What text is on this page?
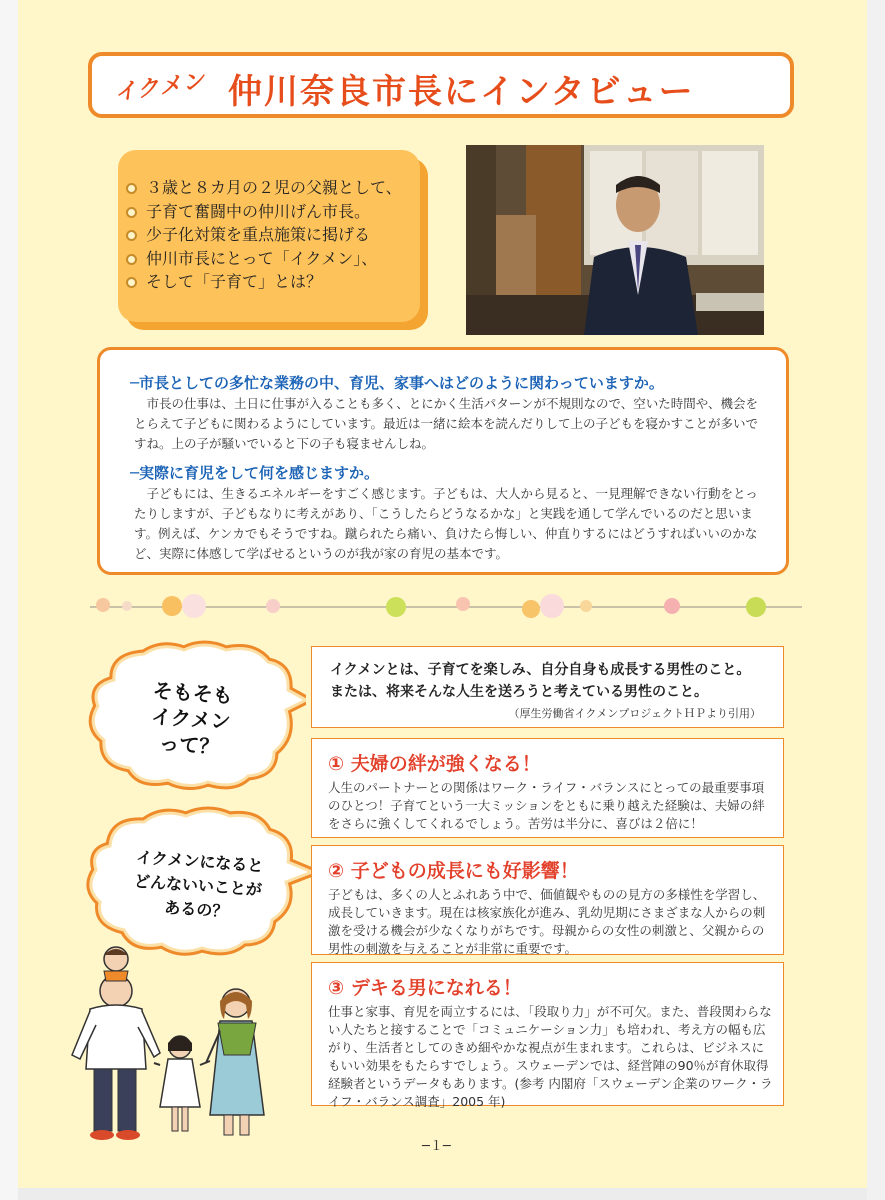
イクメン 仲川奈良市長にインタビュー
３歳と８カ月の２児の父親として、
子育て奮闘中の仲川げん市長。
少子化対策を重点施策に掲げる
仲川市長にとって「イクメン」、
そして「子育て」とは？
─市長としての多忙な業務の中、育児、家事へはどのように関わっていますか。
市長の仕事は、土日に仕事が入ることも多く、とにかく生活パターンが不規則なので、空いた時間や、機会をとらえて子どもに関わるようにしています。最近は一緒に絵本を読んだりして上の子どもを寝かすことが多いですね。上の子が騒いでいると下の子も寝ませんしね。
─実際に育児をして何を感じますか。
子どもには、生きるエネルギーをすごく感じます。子どもは、大人から見ると、一見理解できない行動をとったりしますが、子どもなりに考えがあり、「こうしたらどうなるかな」と実践を通して学んでいるのだと思います。例えば、ケンカでもそうですね。蹴られたら痛い、負けたら悔しい、仲直りするにはどうすればいいのかなど、実際に体感して学ばせるというのが我が家の育児の基本です。
そもそも
イクメン
って？
イクメンになると
どんないいことが
あるの？
イクメンとは、子育てを楽しみ、自分自身も成長する男性のこと。
または、将来そんな人生を送ろうと考えている男性のこと。
（厚生労働省イクメンプロジェクトＨＰより引用）
① 夫婦の絆が強くなる！
人生のパートナーとの関係はワーク・ライフ・バランスにとっての最重要事項のひとつ！子育てという一大ミッションをともに乗り越えた経験は、夫婦の絆をさらに強くしてくれるでしょう。苦労は半分に、喜びは２倍に！
② 子どもの成長にも好影響！
子どもは、多くの人とふれあう中で、価値観やものの見方の多様性を学習し、成長していきます。現在は核家族化が進み、乳幼児期にさまざまな人からの刺激を受ける機会が少なくなりがちです。母親からの女性の刺激と、父親からの男性の刺激を与えることが非常に重要です。
③ デキる男になれる！
仕事と家事、育児を両立するには､「段取り力」が不可欠。また、普段関わらない人たちと接することで「コミュニケーション力」も培われ、考え方の幅も広がり、生活者としてのきめ細やかな視点が生まれます。これらは、ビジネスにもいい効果をもたらすでしょう。スウェーデンでは、経営陣の90％が育休取得経験者というデータもあります。(参考 内閣府「スウェーデン企業のワーク・ライフ・バランス調査」2005 年)
─１─
